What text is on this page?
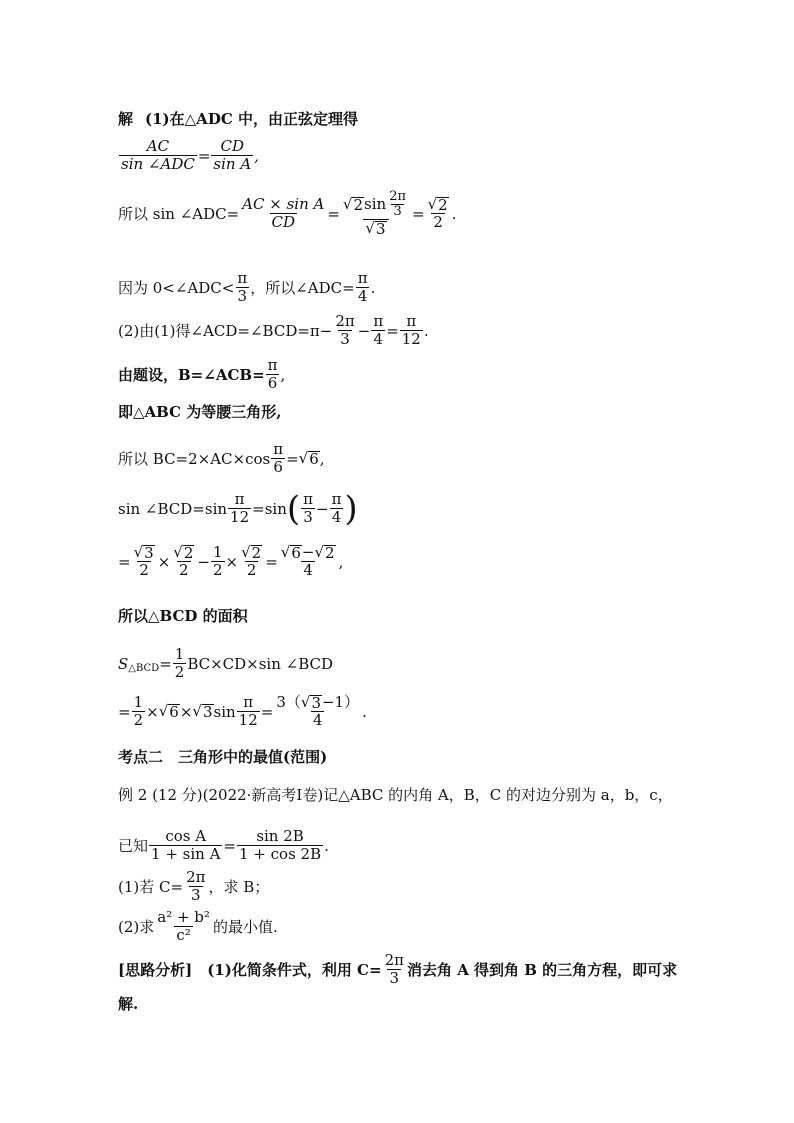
解 (1)在△ADC 中，由正弦定理得
$\frac{AC}{\text{sin ∠ADC}} = \frac{CD}{\text{sin A}}$ ,
所以 sin ∠ADC= $\frac{\text{AC × sin A}}{CD} = \frac{√ 2 \sin \frac{2\pi}{3}}{√ 3} = \frac{√ 2}{2}$ .
因为 0<∠ADC< $\frac{\pi}{3}$ ，所以∠ADC= $\frac{\pi}{4}$ .
(2)由(1)得∠ACD=∠BCD=π− $\frac{2\pi}{3} - \frac{\pi}{4} = \frac{\pi}{12}$ .
由题设，B=∠ACB= $\frac{\pi}{6}$ ,
即△ABC 为等腰三角形,
所以 $BC=2\times AC\times\cos \frac{\pi}{6}$ = √ 6 ,
sin ∠BCD=sin $\frac{\pi}{12} =\sin$ ( $\frac{\pi}{3} - \frac{\pi}{4}$ )
= $\frac{√ 3}{2} \times \frac{√ 2}{2} - \frac{1}{2} \times \frac{√ 2}{2} = \frac{√ 6 - √ 2}{4}$ ,
所以△BCD 的面积
S △BCD = $\frac{1}{2} BC\times CD\times\sin$ ∠BCD
= $\frac{1}{2}$ × √ 6 × √ 3 $\sin \frac{\pi}{12} = \frac{3( √ 3 -1)}{4}$ .
考点二　三角形中的最值(范围)
例 2 (12 分)(2022·新高考Ⅰ卷)记△ABC 的内角 A，B，C 的对边分别为 a，b，c，
已知 $\frac{\text{cos A}}{\text{1 + sin A}} = \frac{\sin 2B}{1 + \cos 2B}$ .
(1)若 $C= \frac{2\pi}{3}$ ，求 B；
(2)求 $\frac{\text{a² + b²}}{\text{c²}}$ 的最小值.
[思路分析]　(1)化简条件式，利用 $C= \frac{2\pi}{3}$ 消去角 A 得到角 B 的三角方程，即可求
解.
